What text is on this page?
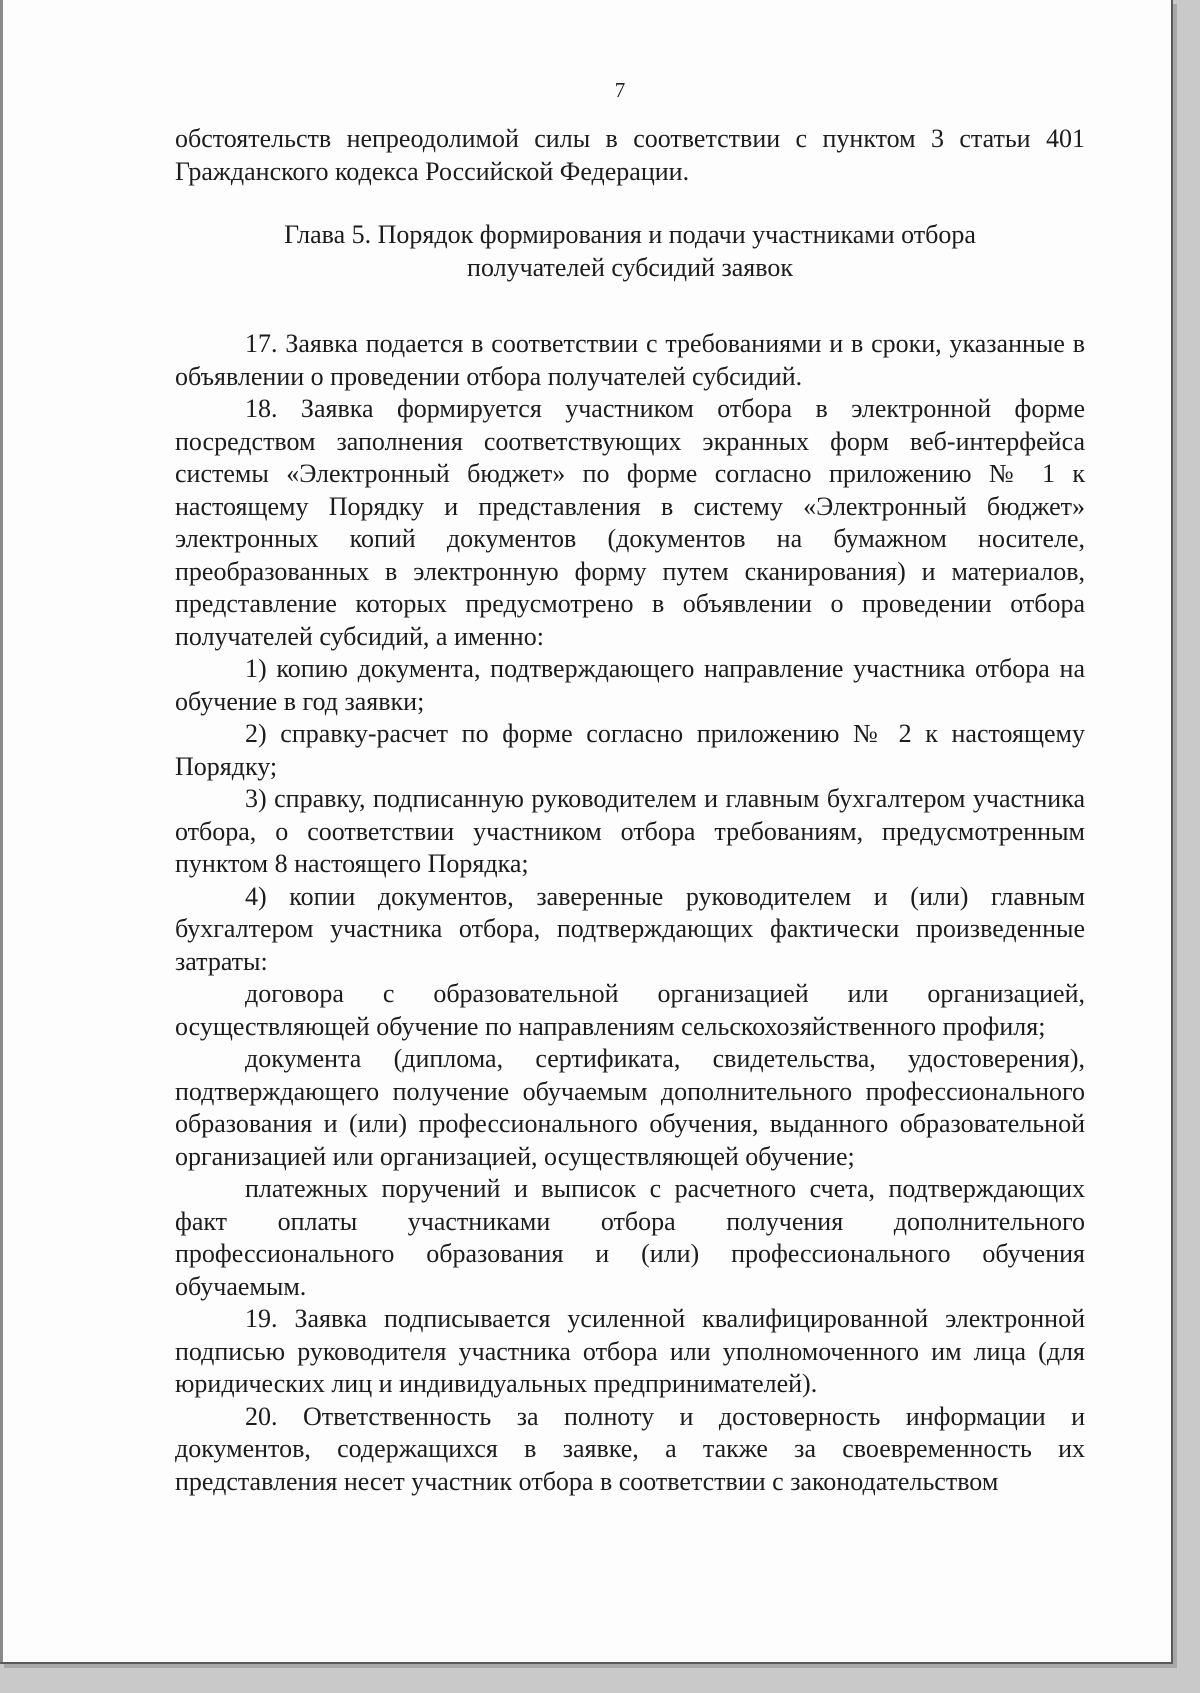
7

обстоятельств непреодолимой силы в соответствии с пунктом 3 статьи 401 Гражданского кодекса Российской Федерации.

Глава 5. Порядок формирования и подачи участниками отбора
получателей субсидий заявок

17. Заявка подается в соответствии с требованиями и в сроки, указанные в объявлении о проведении отбора получателей субсидий.

18. Заявка формируется участником отбора в электронной форме посредством заполнения соответствующих экранных форм веб-интерфейса системы «Электронный бюджет» по форме согласно приложению № 1 к настоящему Порядку и представления в систему «Электронный бюджет» электронных копий документов (документов на бумажном носителе, преобразованных в электронную форму путем сканирования) и материалов, представление которых предусмотрено в объявлении о проведении отбора получателей субсидий, а именно:

1) копию документа, подтверждающего направление участника отбора на обучение в год заявки;

2) справку-расчет по форме согласно приложению № 2 к настоящему Порядку;

3) справку, подписанную руководителем и главным бухгалтером участника отбора, о соответствии участником отбора требованиям, предусмотренным пунктом 8 настоящего Порядка;

4) копии документов, заверенные руководителем и (или) главным бухгалтером участника отбора, подтверждающих фактически произведенные затраты:

договора с образовательной организацией или организацией, осуществляющей обучение по направлениям сельскохозяйственного профиля;

документа (диплома, сертификата, свидетельства, удостоверения), подтверждающего получение обучаемым дополнительного профессионального образования и (или) профессионального обучения, выданного образовательной организацией или организацией, осуществляющей обучение;

платежных поручений и выписок с расчетного счета, подтверждающих факт оплаты участниками отбора получения дополнительного профессионального образования и (или) профессионального обучения обучаемым.

19. Заявка подписывается усиленной квалифицированной электронной подписью руководителя участника отбора или уполномоченного им лица (для юридических лиц и индивидуальных предпринимателей).

20. Ответственность за полноту и достоверность информации и документов, содержащихся в заявке, а также за своевременность их представления несет участник отбора в соответствии с законодательством
